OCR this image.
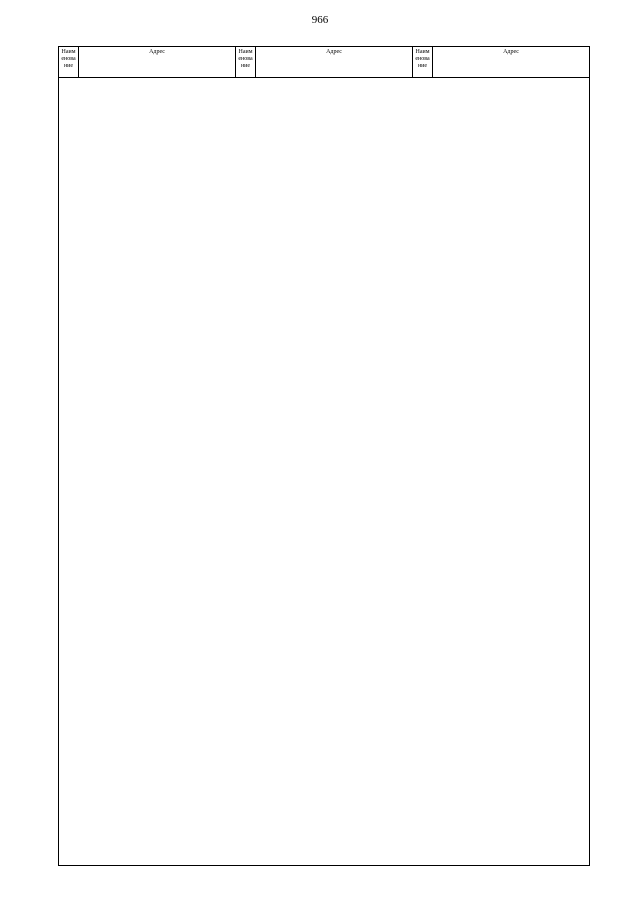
966
Наим енова ние
Адрес	Наим енова ние
Адрес	Наим енова ние
Адрес
